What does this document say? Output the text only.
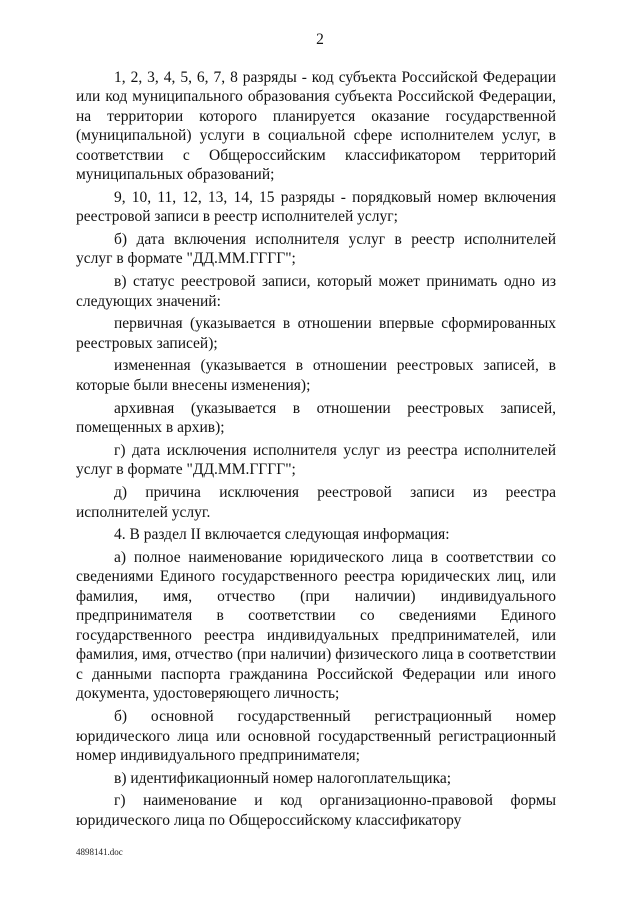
2

1, 2, 3, 4, 5, 6, 7, 8 разряды - код субъекта Российской Федерации или код муниципального образования субъекта Российской Федерации, на территории которого планируется оказание государственной (муниципальной) услуги в социальной сфере исполнителем услуг, в соответствии с Общероссийским классификатором территорий муниципальных образований;

9, 10, 11, 12, 13, 14, 15 разряды - порядковый номер включения реестровой записи в реестр исполнителей услуг;

б) дата включения исполнителя услуг в реестр исполнителей услуг в формате "ДД.ММ.ГГГГ";

в) статус реестровой записи, который может принимать одно из следующих значений:

первичная (указывается в отношении впервые сформированных реестровых записей);

измененная (указывается в отношении реестровых записей, в которые были внесены изменения);

архивная (указывается в отношении реестровых записей, помещенных в архив);

г) дата исключения исполнителя услуг из реестра исполнителей услуг в формате "ДД.ММ.ГГГГ";

д) причина исключения реестровой записи из реестра исполнителей услуг.

4. В раздел II включается следующая информация:

а) полное наименование юридического лица в соответствии со сведениями Единого государственного реестра юридических лиц, или фамилия, имя, отчество (при наличии) индивидуального предпринимателя в соответствии со сведениями Единого государственного реестра индивидуальных предпринимателей, или фамилия, имя, отчество (при наличии) физического лица в соответствии с данными паспорта гражданина Российской Федерации или иного документа, удостоверяющего личность;

б) основной государственный регистрационный номер юридического лица или основной государственный регистрационный номер индивидуального предпринимателя;

в) идентификационный номер налогоплательщика;

г) наименование и код организационно-правовой формы юридического лица по Общероссийскому классификатору

4898141.doc
